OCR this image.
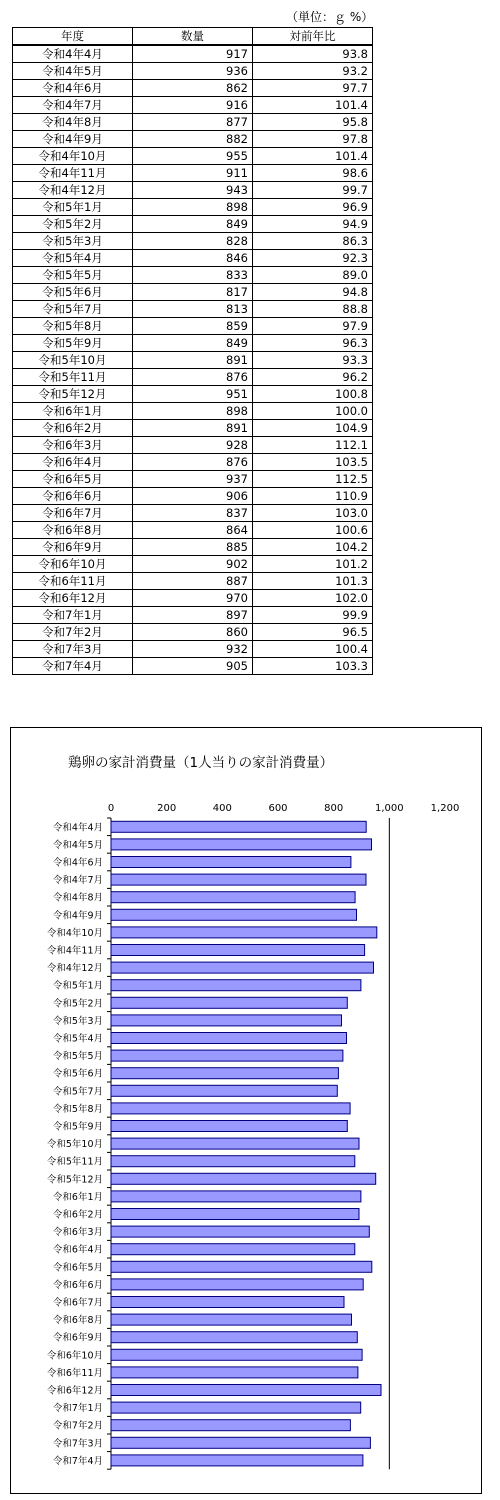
（単位：ｇ %）
年度	数量	対前年比
令和4年4月	917	93.8
令和4年5月	936	93.2
令和4年6月	862	97.7
令和4年7月	916	101.4
令和4年8月	877	95.8
令和4年9月	882	97.8
令和4年10月	955	101.4
令和4年11月	911	98.6
令和4年12月	943	99.7
令和5年1月	898	96.9
令和5年2月	849	94.9
令和5年3月	828	86.3
令和5年4月	846	92.3
令和5年5月	833	89.0
令和5年6月	817	94.8
令和5年7月	813	88.8
令和5年8月	859	97.9
令和5年9月	849	96.3
令和5年10月	891	93.3
令和5年11月	876	96.2
令和5年12月	951	100.8
令和6年1月	898	100.0
令和6年2月	891	104.9
令和6年3月	928	112.1
令和6年4月	876	103.5
令和6年5月	937	112.5
令和6年6月	906	110.9
令和6年7月	837	103.0
令和6年8月	864	100.6
令和6年9月	885	104.2
令和6年10月	902	101.2
令和6年11月	887	101.3
令和6年12月	970	102.0
令和7年1月	897	99.9
令和7年2月	860	96.5
令和7年3月	932	100.4
令和7年4月	905	103.3
鶏卵の家計消費量（1人当りの家計消費量）
0	200	400	600	800	1,000	1,200
令和4年4月
令和4年5月
令和4年6月
令和4年7月
令和4年8月
令和4年9月
令和4年10月
令和4年11月
令和4年12月
令和5年1月
令和5年2月
令和5年3月
令和5年4月
令和5年5月
令和5年6月
令和5年7月
令和5年8月
令和5年9月
令和5年10月
令和5年11月
令和5年12月
令和6年1月
令和6年2月
令和6年3月
令和6年4月
令和6年5月
令和6年6月
令和6年7月
令和6年8月
令和6年9月
令和6年10月
令和6年11月
令和6年12月
令和7年1月
令和7年2月
令和7年3月
令和7年4月
